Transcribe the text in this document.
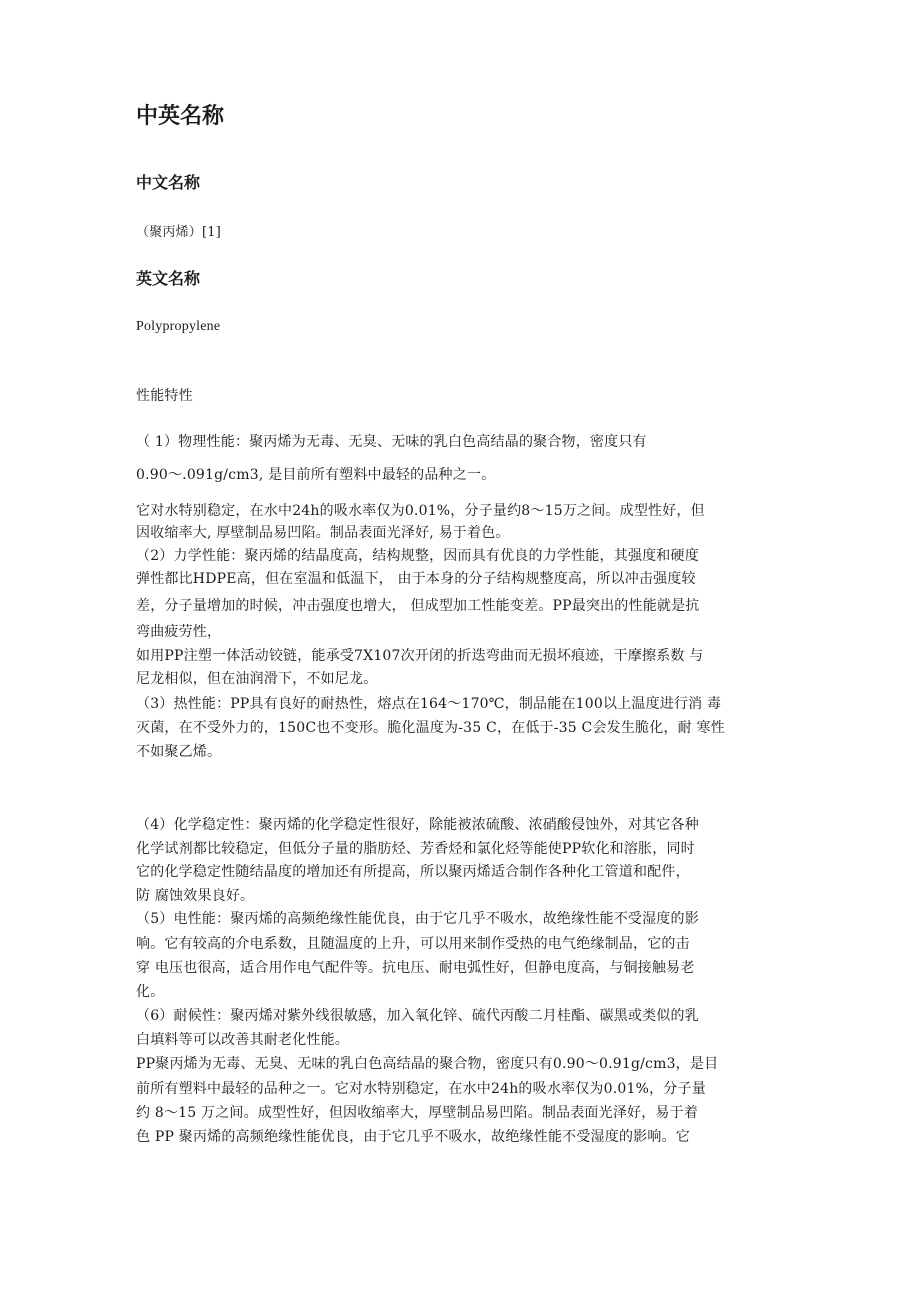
中英名称
中文名称
（聚丙烯）[1]
英文名称
Polypropylene
性能特性
（ 1）物理性能：聚丙烯为无毒、无臭、无味的乳白色高结晶的聚合物，密度只有
0.90〜.091g/cm3, 是目前所有塑料中最轻的品种之一。
它对水特别稳定，在水中24h的吸水率仅为0.01%，分子量约8〜15万之间。成型性好，但
因收缩率大, 厚壁制品易凹陷。制品表面光泽好, 易于着色。
（2）力学性能：聚丙烯的结晶度高，结构规整，因而具有优良的力学性能，其强度和硬度
弹性都比HDPE高，但在室温和低温下， 由于本身的分子结构规整度高，所以冲击强度较
差，分子量增加的时候，冲击强度也增大， 但成型加工性能变差。PP最突出的性能就是抗
弯曲疲劳性，
如用PP注塑一体活动铰链，能承受7X107次开闭的折迭弯曲而无损坏痕迹，干摩擦系数 与
尼龙相似，但在油润滑下，不如尼龙。
（3）热性能：PP具有良好的耐热性，熔点在164〜170℃，制品能在100以上温度进行消 毒
灭菌，在不受外力的，150C也不变形。脆化温度为-35 C，在低于-35 C会发生脆化，耐 寒性
不如聚乙烯。
（4）化学稳定性：聚丙烯的化学稳定性很好，除能被浓硫酸、浓硝酸侵蚀外，对其它各种
化学试剂都比较稳定，但低分子量的脂肪烃、芳香烃和氯化烃等能使PP软化和溶胀，同时
它的化学稳定性随结晶度的增加还有所提高，所以聚丙烯适合制作各种化工管道和配件，
防 腐蚀效果良好。
（5）电性能：聚丙烯的高频绝缘性能优良，由于它几乎不吸水，故绝缘性能不受湿度的影
响。它有较高的介电系数，且随温度的上升，可以用来制作受热的电气绝缘制品，它的击
穿 电压也很高，适合用作电气配件等。抗电压、耐电弧性好，但静电度高，与铜接触易老
化。
（6）耐候性：聚丙烯对紫外线很敏感，加入氧化锌、硫代丙酸二月桂酯、碳黑或类似的乳
白填料等可以改善其耐老化性能。
PP聚丙烯为无毒、无臭、无味的乳白色高结晶的聚合物，密度只有0.90〜0.91g/cm3，是目
前所有塑料中最轻的品种之一。它对水特别稳定，在水中24h的吸水率仅为0.01%，分子量
约 8〜15 万之间。成型性好，但因收缩率大，厚壁制品易凹陷。制品表面光泽好，易于着
色 PP 聚丙烯的高频绝缘性能优良，由于它几乎不吸水，故绝缘性能不受湿度的影响。它
